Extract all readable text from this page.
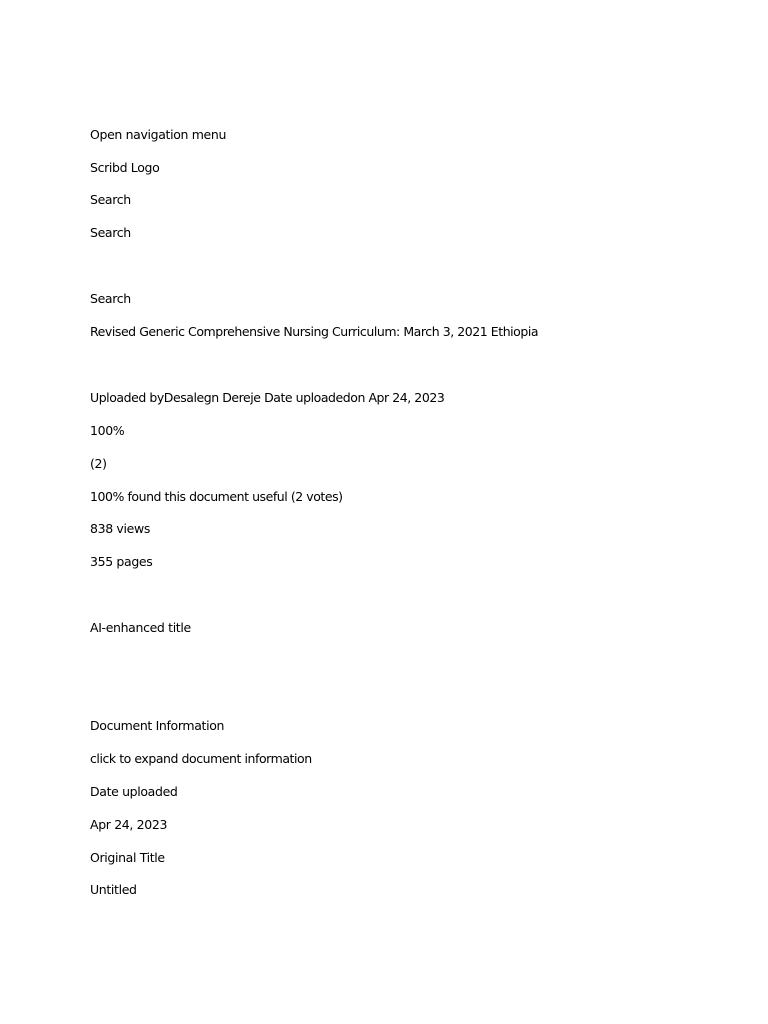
Open navigation menu
Scribd Logo
Search
Search
Search
Revised Generic Comprehensive Nursing Curriculum: March 3, 2021 Ethiopia
Uploaded byDesalegn Dereje Date uploadedon Apr 24, 2023
100%
(2)
100% found this document useful (2 votes)
838 views
355 pages
AI-enhanced title
Document Information
click to expand document information
Date uploaded
Apr 24, 2023
Original Title
Untitled
